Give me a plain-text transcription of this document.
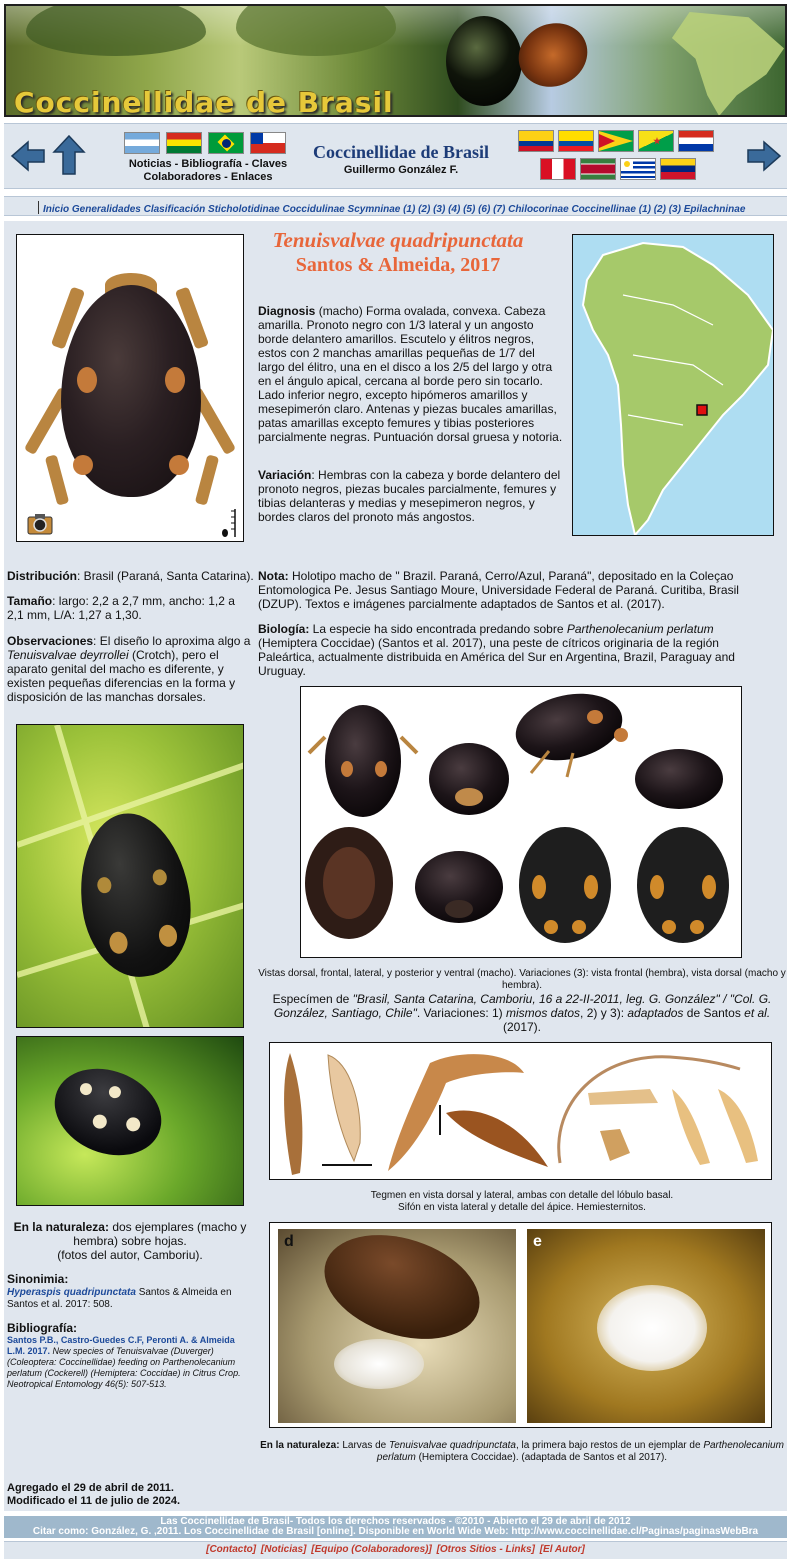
Coccinellidae de Brasil
Noticias - Bibliografía - Claves
Colaboradores - Enlaces
Coccinellidae de Brasil
Guillermo González F.
Inicio Generalidades Clasificación Sticholotidinae Coccidulinae Scymninae (1) (2) (3) (4) (5) (6) (7) Chilocorinae Coccinellinae (1) (2) (3) Epilachninae
Tenuisvalvae quadripunctata
Santos & Almeida, 2017
Diagnosis (macho) Forma ovalada, convexa. Cabeza amarilla. Pronoto negro con 1/3 lateral y un angosto borde delantero amarillos. Escutelo y élitros negros, estos con 2 manchas amarillas pequeñas de 1/7 del largo del élitro, una en el disco a los 2/5 del largo y otra en el ángulo apical, cercana al borde pero sin tocarlo. Lado inferior negro, excepto hipómeros amarillos y mesepimerón claro. Antenas y piezas bucales amarillas, patas amarillas excepto femures y tibias posteriores parcialmente negras. Puntuación dorsal gruesa y notoria.
Variación: Hembras con la cabeza y borde delantero del pronoto negros, piezas bucales parcialmente, femures y tibias delanteras y medias y mesepimeron negros, y bordes claros del pronoto más angostos.
Distribución: Brasil (Paraná, Santa Catarina).
Tamaño: largo: 2,2 a 2,7 mm, ancho: 1,2 a 2,1 mm, L/A: 1,27 a 1,30.
Observaciones: El diseño lo aproxima algo a Tenuisvalvae deyrrollei (Crotch), pero el aparato genital del macho es diferente, y existen pequeñas diferencias en la forma y disposición de las manchas dorsales.
Nota: Holotipo macho de " Brazil. Paraná, Cerro/Azul, Paraná", depositado en la Coleçao Entomologica Pe. Jesus Santiago Moure, Universidade Federal de Paraná. Curitiba, Brasil (DZUP). Textos e imágenes parcialmente adaptados de Santos et al. (2017).
Biología: La especie ha sido encontrada predando sobre Parthenolecanium perlatum (Hemiptera Coccidae) (Santos et al. 2017), una peste de cítricos originaria de la región Paleártica, actualmente distribuida en América del Sur en Argentina, Brazil, Paraguay and Uruguay.
En la naturaleza: dos ejemplares (macho y hembra) sobre hojas.
(fotos del autor, Camboriu).
Sinonimia:
Hyperaspis quadripunctata Santos & Almeida en Santos et al. 2017: 508.
Bibliografía:
Santos P.B., Castro-Guedes C.F, Peronti A. & Almeida L.M. 2017. New species of Tenuisvalvae (Duverger) (Coleoptera: Coccinellidae) feeding on Parthenolecanium perlatum (Cockerell) (Hemiptera: Coccidae) in Citrus Crop. Neotropical Entomology 46(5): 507-513.
Agregado el 29 de abril de 2011.
Modificado el 11 de julio de 2024.
Vistas dorsal, frontal, lateral, y posterior y ventral (macho). Variaciones (3): vista frontal (hembra), vista dorsal (macho y hembra).
Especímen de "Brasil, Santa Catarina, Camboriu, 16 a 22-II-2011, leg. G. González" / "Col. G. González, Santiago, Chile". Variaciones: 1) mismos datos, 2) y 3): adaptados de Santos et al. (2017).
Tegmen en vista dorsal y lateral, ambas con detalle del lóbulo basal.
Sifón en vista lateral y detalle del ápice. Hemiesternitos.
d	e
En la naturaleza: Larvas de Tenuisvalvae quadripunctata, la primera bajo restos de un ejemplar de Parthenolecanium perlatum (Hemiptera Coccidae). (adaptada de Santos et al 2017).
Las Coccinellidae de Brasil- Todos los derechos reservados - ©2010 - Abierto el 29 de abril de 2012
Citar como: González, G. ,2011. Los Coccinellidae de Brasil [online]. Disponible en World Wide Web: http://www.coccinellidae.cl/Paginas/paginasWebBra
[Contacto] [Noticias] [Equipo (Colaboradores)] [Otros Sitios - Links] [El Autor]
